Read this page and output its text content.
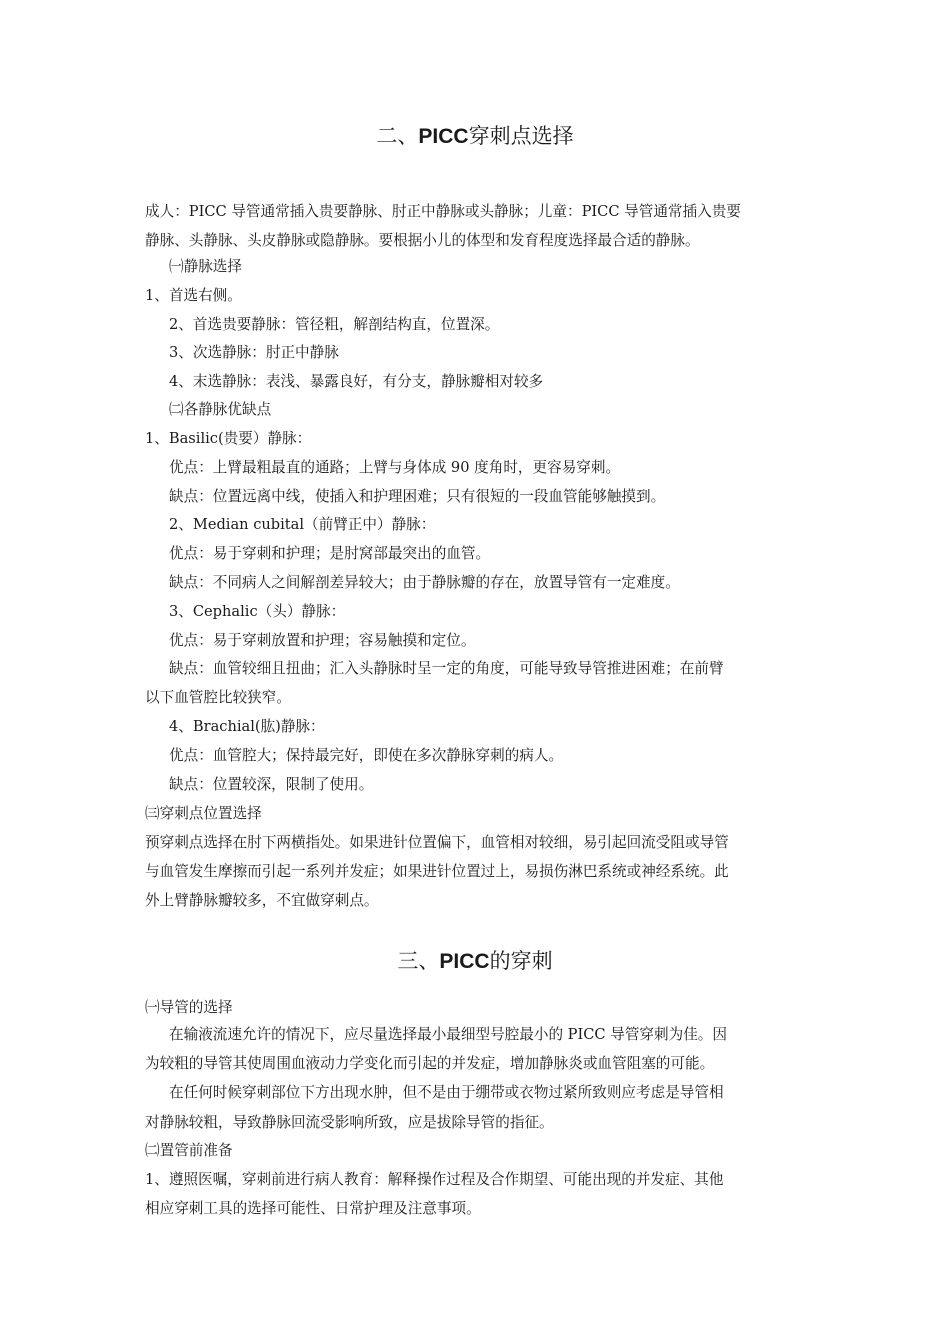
二、PICC穿刺点选择
成人：PICC 导管通常插入贵要静脉、肘正中静脉或头静脉；儿童：PICC 导管通常插入贵要
静脉、头静脉、头皮静脉或隐静脉。要根据小儿的体型和发育程度选择最合适的静脉。
㈠静脉选择
1、首选右侧。
2、首选贵要静脉：管径粗，解剖结构直，位置深。
3、次选静脉：肘正中静脉
4、末选静脉：表浅、暴露良好，有分支，静脉瓣相对较多
㈡各静脉优缺点
1、Basilic(贵要）静脉：
优点：上臂最粗最直的通路；上臂与身体成 90 度角时，更容易穿刺。
缺点：位置远离中线，使插入和护理困难；只有很短的一段血管能够触摸到。
2、Median cubital（前臂正中）静脉：
优点：易于穿刺和护理；是肘窝部最突出的血管。
缺点：不同病人之间解剖差异较大；由于静脉瓣的存在，放置导管有一定难度。
3、Cephalic（头）静脉：
优点：易于穿刺放置和护理；容易触摸和定位。
缺点：血管较细且扭曲；汇入头静脉时呈一定的角度，可能导致导管推进困难；在前臂
以下血管腔比较狭窄。
4、Brachial(肱)静脉：
优点：血管腔大；保持最完好，即使在多次静脉穿刺的病人。
缺点：位置较深，限制了使用。
㈢穿刺点位置选择
预穿刺点选择在肘下两横指处。如果进针位置偏下，血管相对较细，易引起回流受阻或导管
与血管发生摩擦而引起一系列并发症；如果进针位置过上，易损伤淋巴系统或神经系统。此
外上臂静脉瓣较多，不宜做穿刺点。
三、PICC的穿刺
㈠导管的选择
在输液流速允许的情况下，应尽量选择最小最细型号腔最小的 PICC 导管穿刺为佳。因
为较粗的导管其使周围血液动力学变化而引起的并发症，增加静脉炎或血管阻塞的可能。
在任何时候穿刺部位下方出现水肿，但不是由于绷带或衣物过紧所致则应考虑是导管相
对静脉较粗，导致静脉回流受影响所致，应是拔除导管的指征。
㈡置管前准备
1、遵照医嘱，穿刺前进行病人教育：解释操作过程及合作期望、可能出现的并发症、其他
相应穿刺工具的选择可能性、日常护理及注意事项。
